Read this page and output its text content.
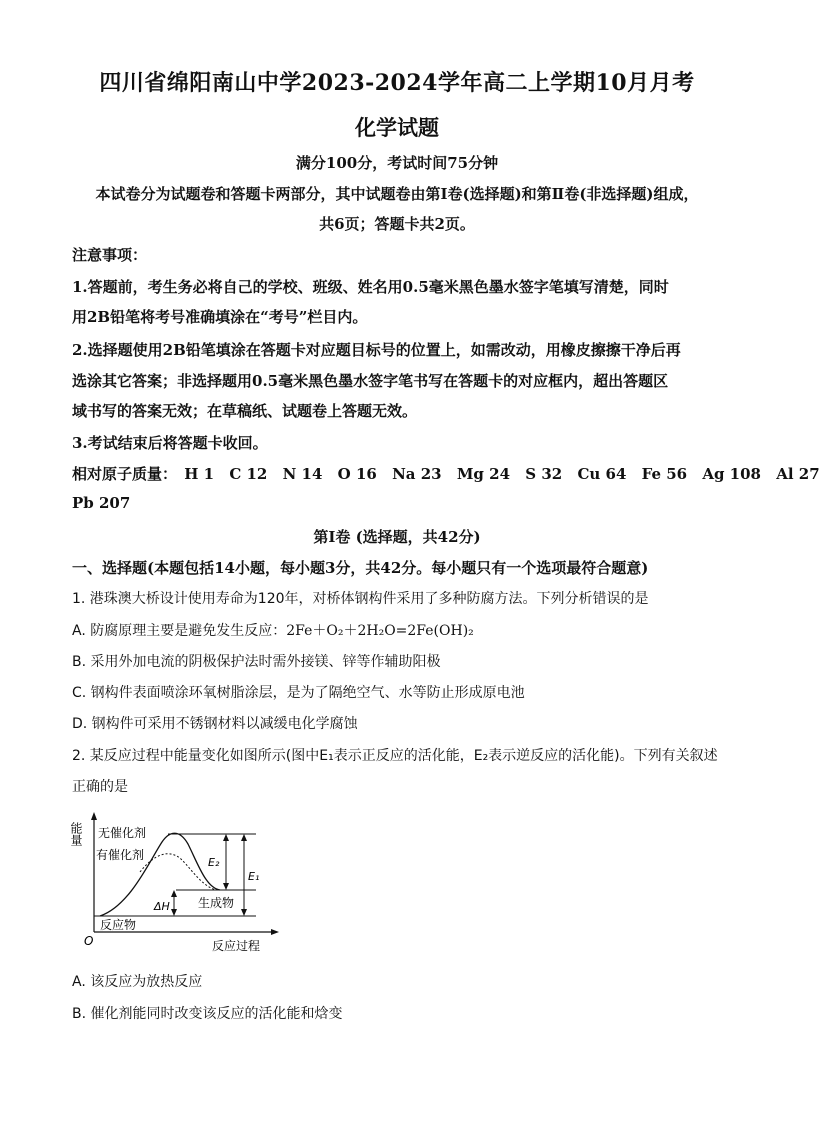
四川省绵阳南山中学2023-2024学年高二上学期10月月考
化学试题
满分100分，考试时间75分钟
本试卷分为试题卷和答题卡两部分，其中试题卷由第Ⅰ卷(选择题)和第Ⅱ卷(非选择题)组成，
共6页；答题卡共2页。
注意事项：
1.答题前，考生务必将自己的学校、班级、姓名用0.5毫米黑色墨水签字笔填写清楚，同时
用2B铅笔将考号准确填涂在“考号”栏目内。
2.选择题使用2B铅笔填涂在答题卡对应题目标号的位置上，如需改动，用橡皮擦擦干净后再
选涂其它答案；非选择题用0.5毫米黑色墨水签字笔书写在答题卡的对应框内，超出答题区
域书写的答案无效；在草稿纸、试题卷上答题无效。
3.考试结束后将答题卡收回。
相对原子质量： H 1 C 12 N 14 O 16 Na 23 Mg 24 S 32 Cu 64 Fe 56 Ag 108 Al 27
Pb 207
第Ⅰ卷 (选择题，共42分)
一、选择题(本题包括14小题，每小题3分，共42分。每小题只有一个选项最符合题意)
1. 港珠澳大桥设计使用寿命为120年，对桥体钢构件采用了多种防腐方法。下列分析错误的是
A. 防腐原理主要是避免发生反应：2Fe＋O₂＋2H₂O=2Fe(OH)₂
B. 采用外加电流的阴极保护法时需外接镁、锌等作辅助阳极
C. 钢构件表面喷涂环氧树脂涂层，是为了隔绝空气、水等防止形成原电池
D. 钢构件可采用不锈钢材料以减缓电化学腐蚀
2. 某反应过程中能量变化如图所示(图中E₁表示正反应的活化能，E₂表示逆反应的活化能)。下列有关叙述
正确的是
能量 无催化剂
有催化剂
E₂
E₁
ΔH 生成物
反应物
O	反应过程
A. 该反应为放热反应
B. 催化剂能同时改变该反应的活化能和焓变
